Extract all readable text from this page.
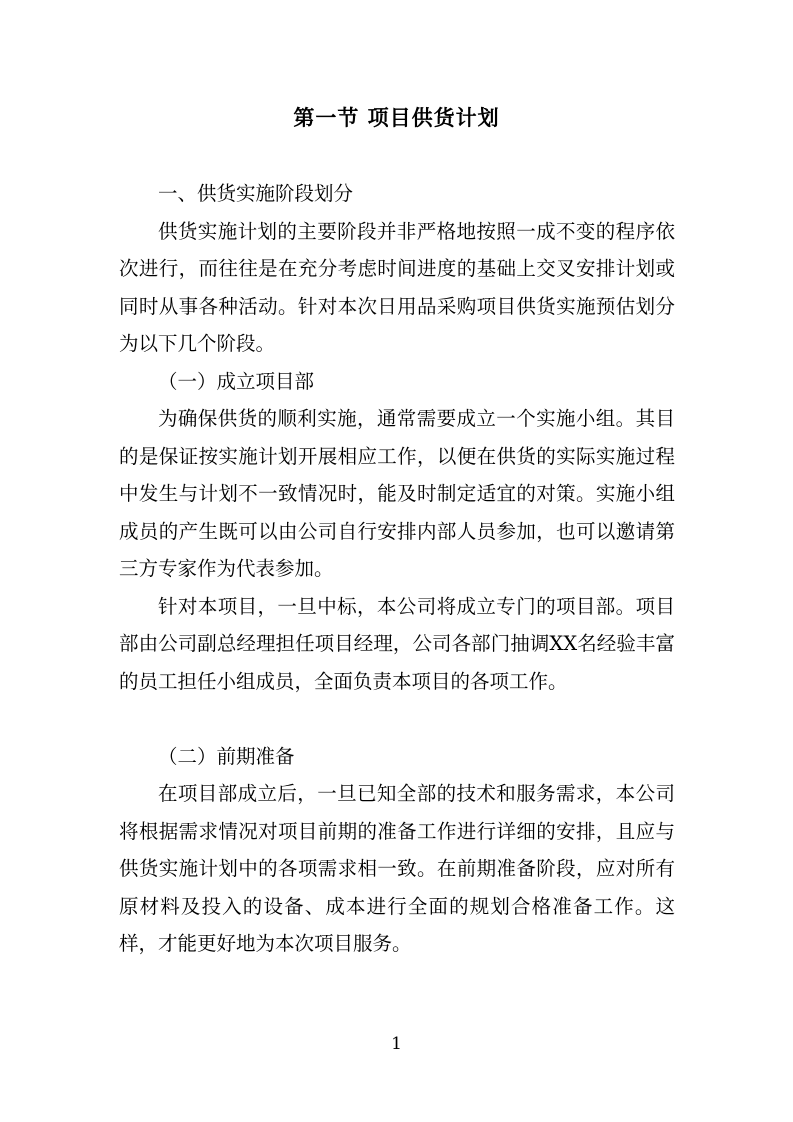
第一节 项目供货计划

一、供货实施阶段划分

供货实施计划的主要阶段并非严格地按照一成不变的程序依次进行，而往往是在充分考虑时间进度的基础上交叉安排计划或同时从事各种活动。针对本次日用品采购项目供货实施预估划分为以下几个阶段。

（一）成立项目部

为确保供货的顺利实施，通常需要成立一个实施小组。其目的是保证按实施计划开展相应工作，以便在供货的实际实施过程中发生与计划不一致情况时，能及时制定适宜的对策。实施小组成员的产生既可以由公司自行安排内部人员参加，也可以邀请第三方专家作为代表参加。

针对本项目，一旦中标，本公司将成立专门的项目部。项目部由公司副总经理担任项目经理，公司各部门抽调XX名经验丰富的员工担任小组成员，全面负责本项目的各项工作。

（二）前期准备

在项目部成立后，一旦已知全部的技术和服务需求，本公司将根据需求情况对项目前期的准备工作进行详细的安排，且应与供货实施计划中的各项需求相一致。在前期准备阶段，应对所有原材料及投入的设备、成本进行全面的规划合格准备工作。这样，才能更好地为本次项目服务。

1
